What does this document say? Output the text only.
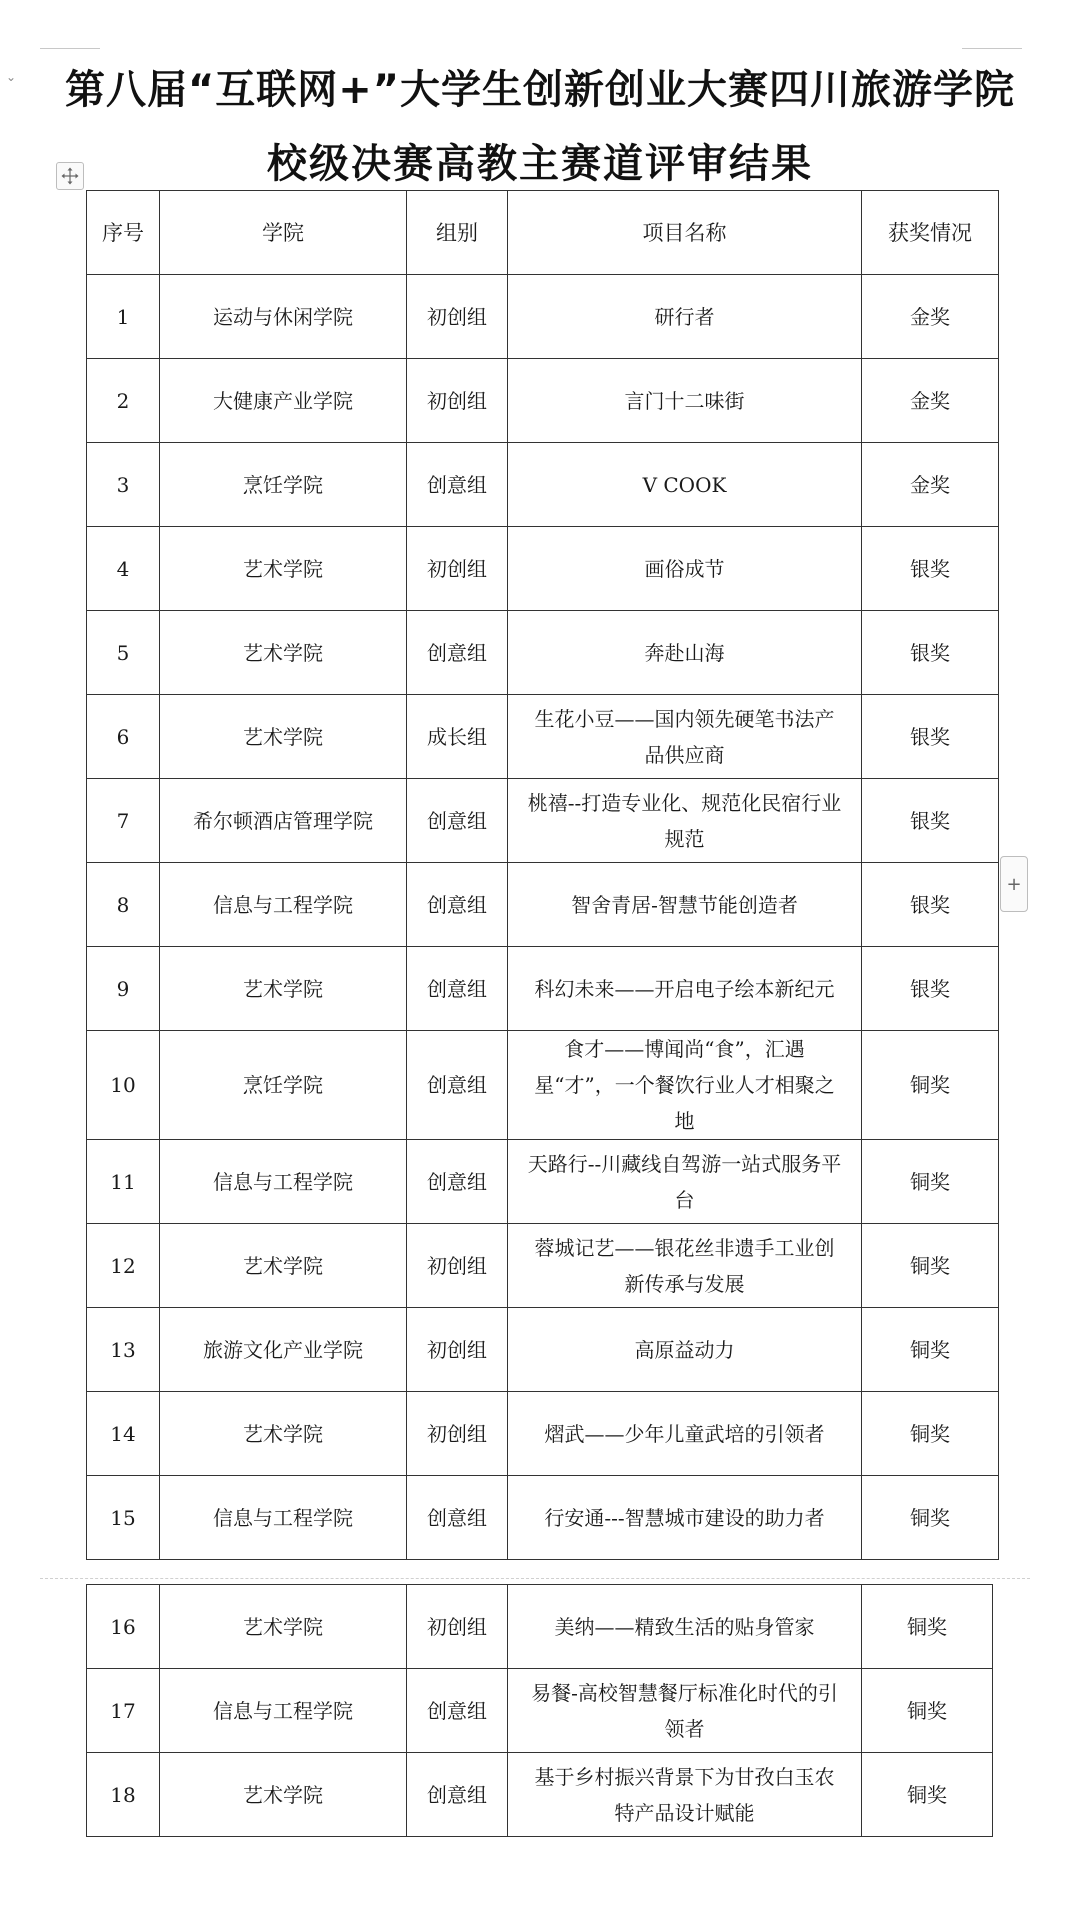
⌄	第八届“互联网+”大学生创新创业大赛四川旅游学院
校级决赛高教主赛道评审结果
+
序号	学院	组别	项目名称	获奖情况
1	运动与休闲学院	初创组	研行者	金奖
2	大健康产业学院	初创组	言门十二味街	金奖
3	烹饪学院	创意组	V COOK	金奖
4	艺术学院	初创组	画俗成节	银奖
5	艺术学院	创意组	奔赴山海	银奖
6	艺术学院	成长组	生花小豆——国内领先硬笔书法产品供应商	银奖
7	希尔顿酒店管理学院	创意组	桃禧--打造专业化、规范化民宿行业规范	银奖
8	信息与工程学院	创意组	智舍青居-智慧节能创造者	银奖
9	艺术学院	创意组	科幻未来——开启电子绘本新纪元	银奖
10	烹饪学院	创意组	食才——博闻尚“食”，汇遇星“才”，一个餐饮行业人才相聚之地	铜奖
11	信息与工程学院	创意组	天路行--川藏线自驾游一站式服务平台	铜奖
12	艺术学院	初创组	蓉城记艺——银花丝非遗手工业创新传承与发展	铜奖
13	旅游文化产业学院	初创组	高原益动力	铜奖
14	艺术学院	初创组	熠武——少年儿童武培的引领者	铜奖
15	信息与工程学院	创意组	行安通---智慧城市建设的助力者	铜奖
16	艺术学院	初创组	美纳——精致生活的贴身管家	铜奖
17	信息与工程学院	创意组	易餐-高校智慧餐厅标准化时代的引领者	铜奖
18	艺术学院	创意组	基于乡村振兴背景下为甘孜白玉农特产品设计赋能	铜奖
